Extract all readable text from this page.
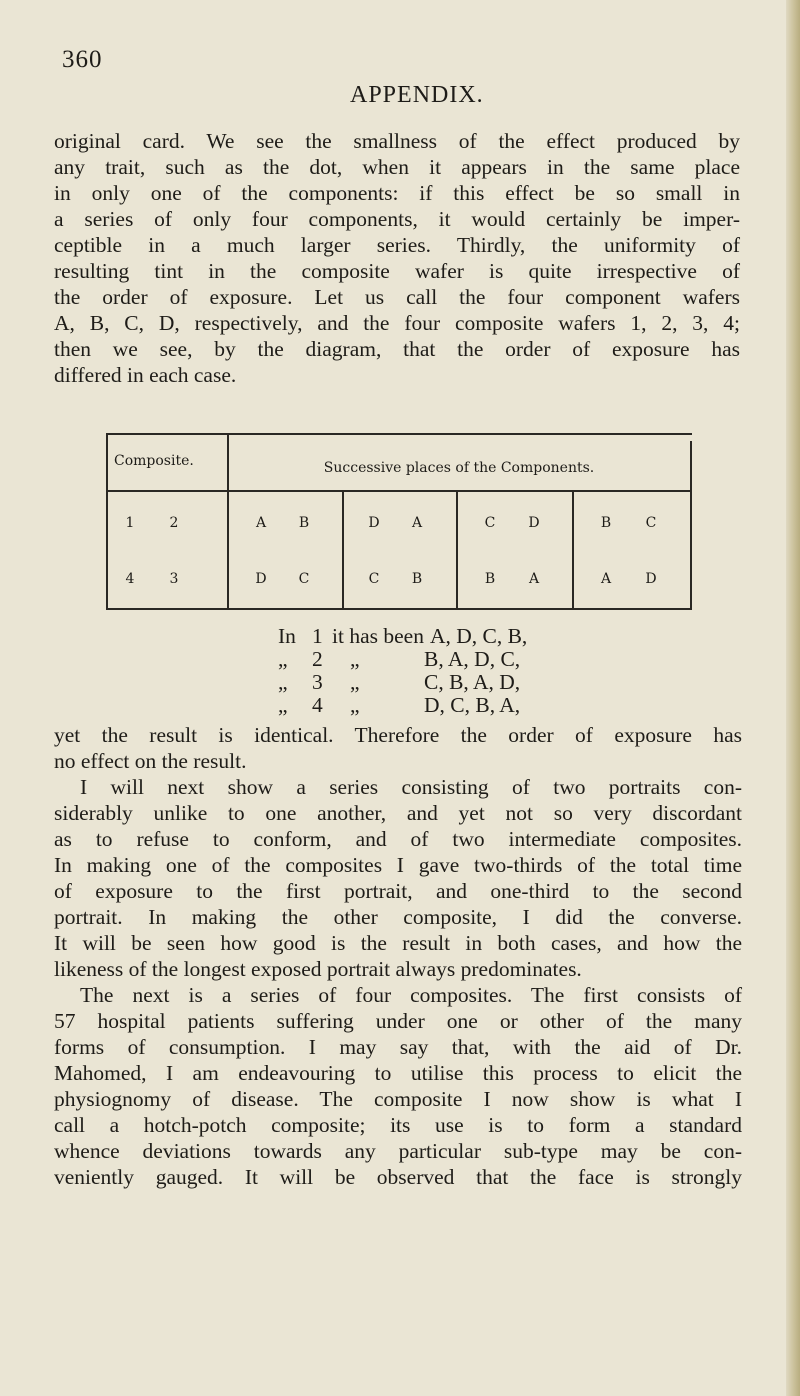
360
APPENDIX.

original card. We see the smallness of the effect produced by
any trait, such as the dot, when it appears in the same place
in only one of the components: if this effect be so small in
a series of only four components, it would certainly be imper-
ceptible in a much larger series. Thirdly, the uniformity of
resulting tint in the composite wafer is quite irrespective of
the order of exposure. Let us call the four component wafers
A, B, C, D, respectively, and the four composite wafers 1, 2, 3, 4;
then we see, by the diagram, that the order of exposure has
differed in each case.

Composite.	Successive places of the Components.
1	2	A	B	D	A	C	D	B	C
4	3	D	C	C	B	B	A	A	D
In 1 it has been A, D, C, B,
„	2	„	B, A, D, C,
„	3	„	C, B, A, D,
„	4	„	D, C, B, A,

yet the result is identical. Therefore the order of exposure has
no effect on the result.
I will next show a series consisting of two portraits con-
siderably unlike to one another, and yet not so very discordant
as to refuse to conform, and of two intermediate composites.
In making one of the composites I gave two-thirds of the total time
of exposure to the first portrait, and one-third to the second
portrait. In making the other composite, I did the converse.
It will be seen how good is the result in both cases, and how the
likeness of the longest exposed portrait always predominates.
The next is a series of four composites. The first consists of
57 hospital patients suffering under one or other of the many
forms of consumption. I may say that, with the aid of Dr.
Mahomed, I am endeavouring to utilise this process to elicit the
physiognomy of disease. The composite I now show is what I
call a hotch-potch composite; its use is to form a standard
whence deviations towards any particular sub-type may be con-
veniently gauged. It will be observed that the face is strongly
